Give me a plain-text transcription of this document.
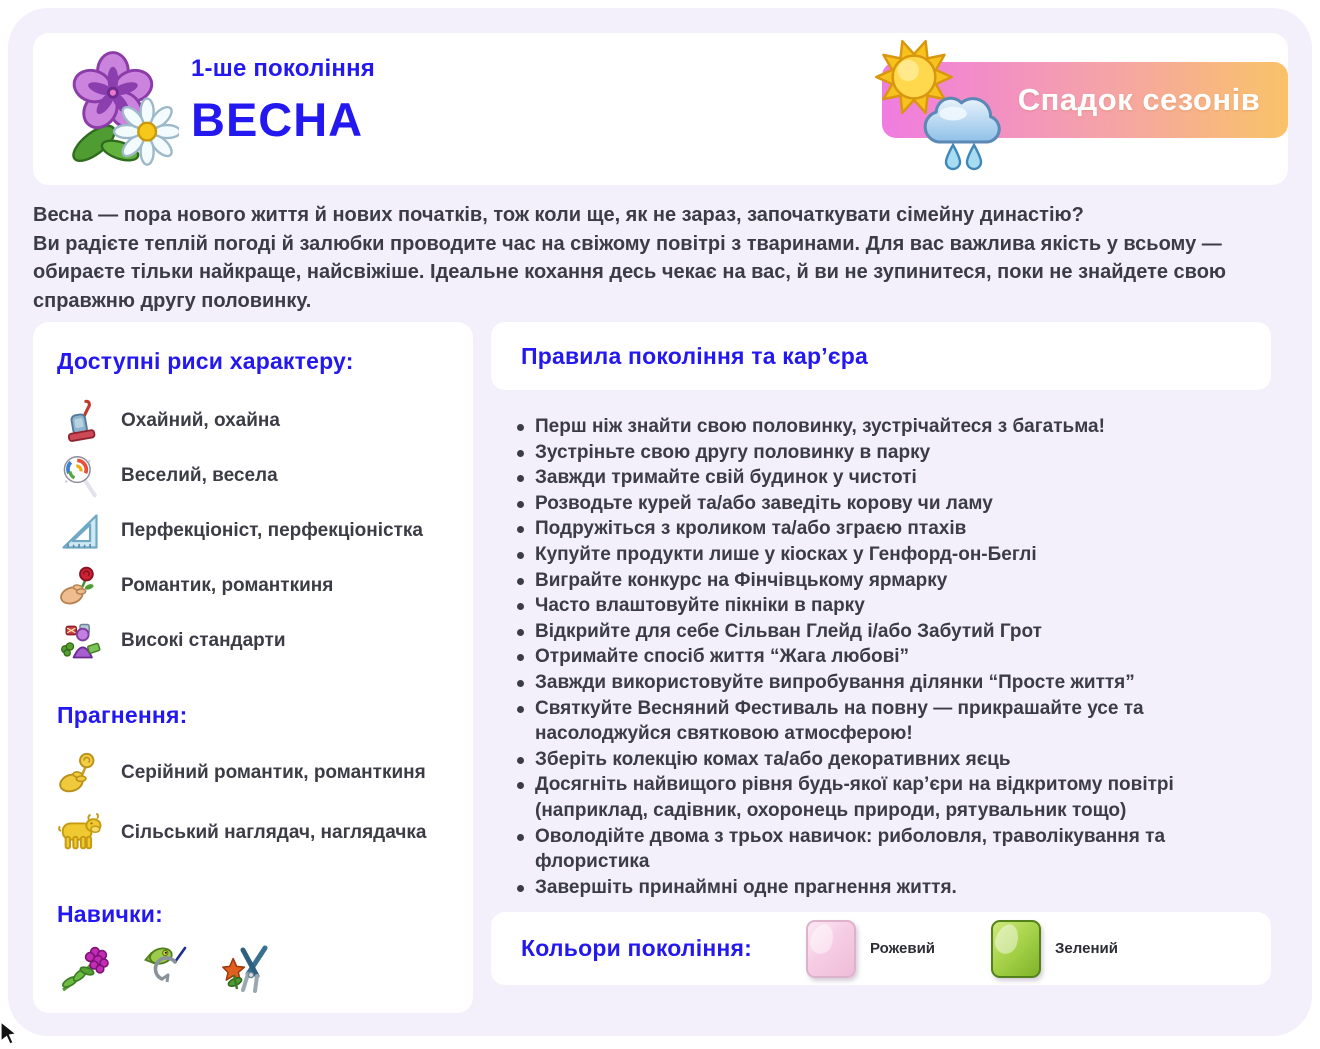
1-ше покоління
ВЕСНА	Спадок сезонів
Весна — пора нового життя й нових початків, тож коли ще, як не зараз, започаткувати сімейну династію?
Ви радієте теплій погоді й залюбки проводите час на свіжому повітрі з тваринами. Для вас важлива якість у всьому —
обираєте тільки найкраще, найсвіжіше. Ідеальне кохання десь чекає на вас, й ви не зупинитеся, поки не знайдете свою
справжню другу половинку.
Доступні риси характеру:
Охайний, охайна
Веселий, весела
Перфекціоніст, перфекціоністка
Романтик, романткиня
Високі стандарти
Прагнення:
Серійний романтик, романткиня
Сільський наглядач, наглядачка
Навички:
Правила покоління та кар’єра
Перш ніж знайти свою половинку, зустрічайтеся з багатьма!
Зустріньте свою другу половинку в парку
Завжди тримайте свій будинок у чистоті
Розводьте курей та/або заведіть корову чи ламу
Подружіться з кроликом та/або зграєю птахів
Купуйте продукти лише у кіосках у Генфорд-он-Беглі
Виграйте конкурс на Фінчівцькому ярмарку
Часто влаштовуйте пікніки в парку
Відкрийте для себе Сільван Глейд і/або Забутий Грот
Отримайте спосіб життя “Жага любові”
Завжди використовуйте випробування ділянки “Просте життя”
Святкуйте Весняний Фестиваль на повну — прикрашайте усе та насолоджуйся святковою атмосферою!
Зберіть колекцію комах та/або декоративних яєць
Досягніть найвищого рівня будь-якої кар’єри на відкритому повітрі (наприклад, садівник, охоронець природи, рятувальник тощо)
Оволодійте двома з трьох навичок: риболовля, траволікування та флористика
Завершіть принаймні одне прагнення життя.
Кольори покоління:	Рожевий	Зелений
